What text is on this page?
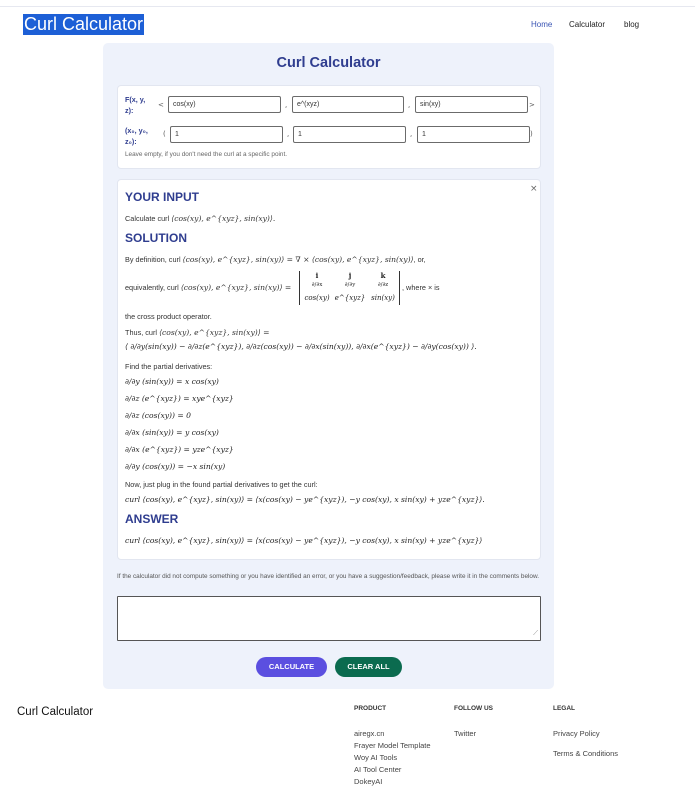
Curl Calculator	Home Calculator blog
Curl Calculator
F(x, y, z):
<	cos(xy)	,	e^(xyz)	,	sin(xy)	>
(x₀, y₀, z₀):
(	1	,	1	,	1	)
Leave empty, if you don't need the curl at a specific point.
×
YOUR INPUT
Calculate curl ⟨cos(xy), e^{xyz}, sin(xy)⟩.
SOLUTION
By definition, curl ⟨cos(xy), e^{xyz}, sin(xy)⟩ = ∇ × ⟨cos(xy), e^{xyz}, sin(xy)⟩, or,
equivalently, curl ⟨cos(xy), e^{xyz}, sin(xy)⟩ =
i	j	k
∂/∂x	∂/∂y	∂/∂z
cos(xy) e^{xyz} sin(xy)
, where × is
the cross product operator.
Thus, curl ⟨cos(xy), e^{xyz}, sin(xy)⟩ =
⟨ ∂/∂y(sin(xy)) − ∂/∂z(e^{xyz}), ∂/∂z(cos(xy)) − ∂/∂x(sin(xy)), ∂/∂x(e^{xyz}) − ∂/∂y(cos(xy)) ⟩.
Find the partial derivatives:
∂/∂y (sin(xy)) = x cos(xy)
∂/∂z (e^{xyz}) = xye^{xyz}
∂/∂z (cos(xy)) = 0
∂/∂x (sin(xy)) = y cos(xy)
∂/∂x (e^{xyz}) = yze^{xyz}
∂/∂y (cos(xy)) = −x sin(xy)
Now, just plug in the found partial derivatives to get the curl:
curl ⟨cos(xy), e^{xyz}, sin(xy)⟩ = ⟨x(cos(xy) − ye^{xyz}), −y cos(xy), x sin(xy) + yze^{xyz}⟩.
ANSWER
curl ⟨cos(xy), e^{xyz}, sin(xy)⟩ = ⟨x(cos(xy) − ye^{xyz}), −y cos(xy), x sin(xy) + yze^{xyz}⟩
If the calculator did not compute something or you have identified an error, or you have a suggestion/feedback, please write it in the comments below.
⟋
CALCULATE	CLEAR ALL
Curl Calculator	PRODUCT
airegx.cn
Frayer Model Template
Woy AI Tools
AI Tool Center
DokeyAI
FOLLOW US
Twitter
LEGAL
Privacy Policy
Terms & Conditions
